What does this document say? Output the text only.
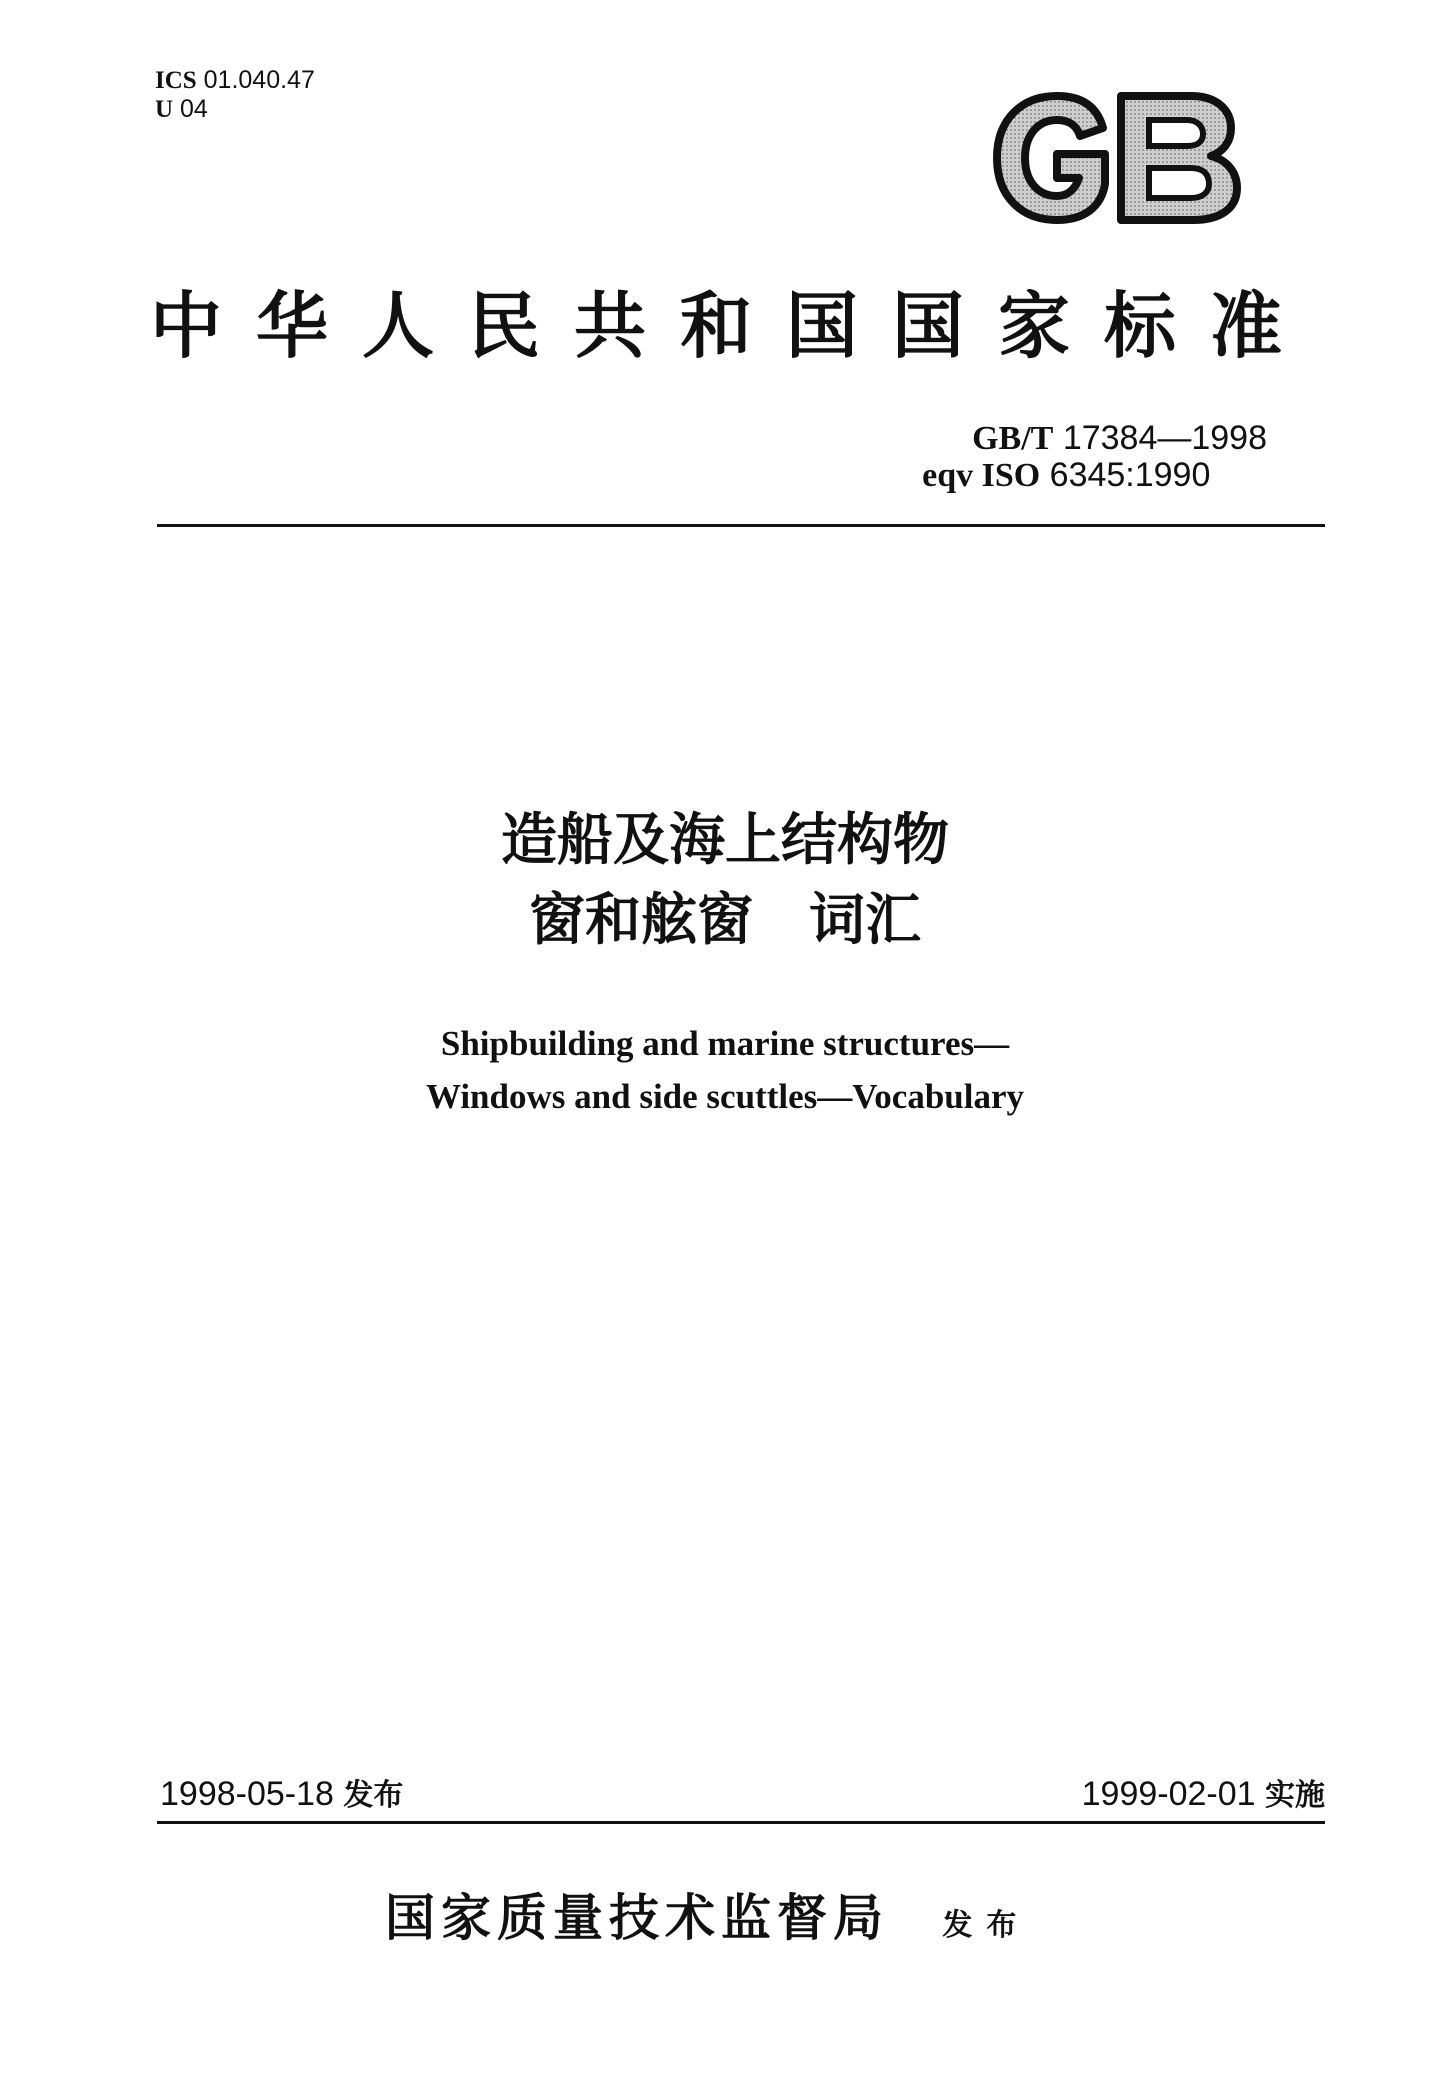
ICS 01.040.47
U 04
GB
中华人民共和国国家标准
GB/T 17384—1998
eqv ISO 6345:1990
造船及海上结构物
窗和舷窗　词汇
Shipbuilding and marine structures—
Windows and side scuttles—Vocabulary
1998-05-18 发布	1999-02-01 实施
国家质量技术监督局 发布
